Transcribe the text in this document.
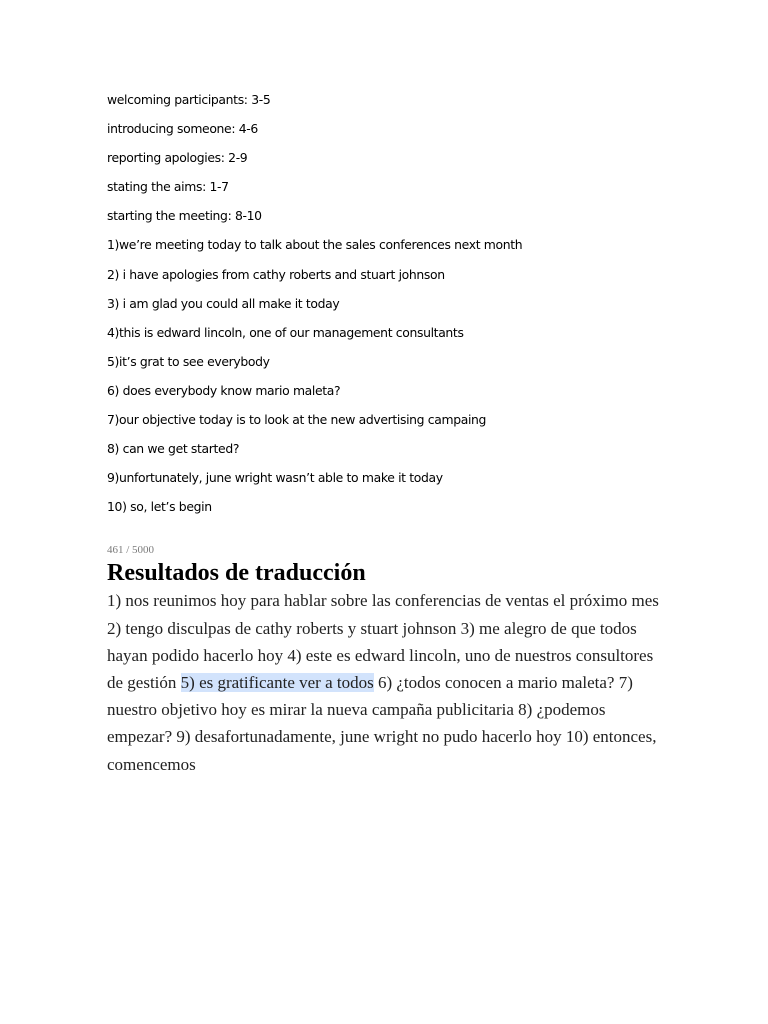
welcoming participants: 3-5
introducing someone: 4-6
reporting apologies: 2-9
stating the aims: 1-7
starting the meeting: 8-10
1)we’re meeting today to talk about the sales conferences next month
2) i have apologies from cathy roberts and stuart johnson
3) i am glad you could all make it today
4)this is edward lincoln, one of our management consultants
5)it’s grat to see everybody
6) does everybody know mario maleta?
7)our objective today is to look at the new advertising campaing
8) can we get started?
9)unfortunately, june wright wasn’t able to make it today
10) so, let’s begin
461 / 5000
Resultados de traducción
1) nos reunimos hoy para hablar sobre las conferencias de ventas el próximo mes 2) tengo disculpas de cathy roberts y stuart johnson 3) me alegro de que todos hayan podido hacerlo hoy 4) este es edward lincoln, uno de nuestros consultores de gestión 5) es gratificante ver a todos 6) ¿todos conocen a mario maleta? 7) nuestro objetivo hoy es mirar la nueva campaña publicitaria 8) ¿podemos empezar? 9) desafortunadamente, june wright no pudo hacerlo hoy 10) entonces, comencemos
